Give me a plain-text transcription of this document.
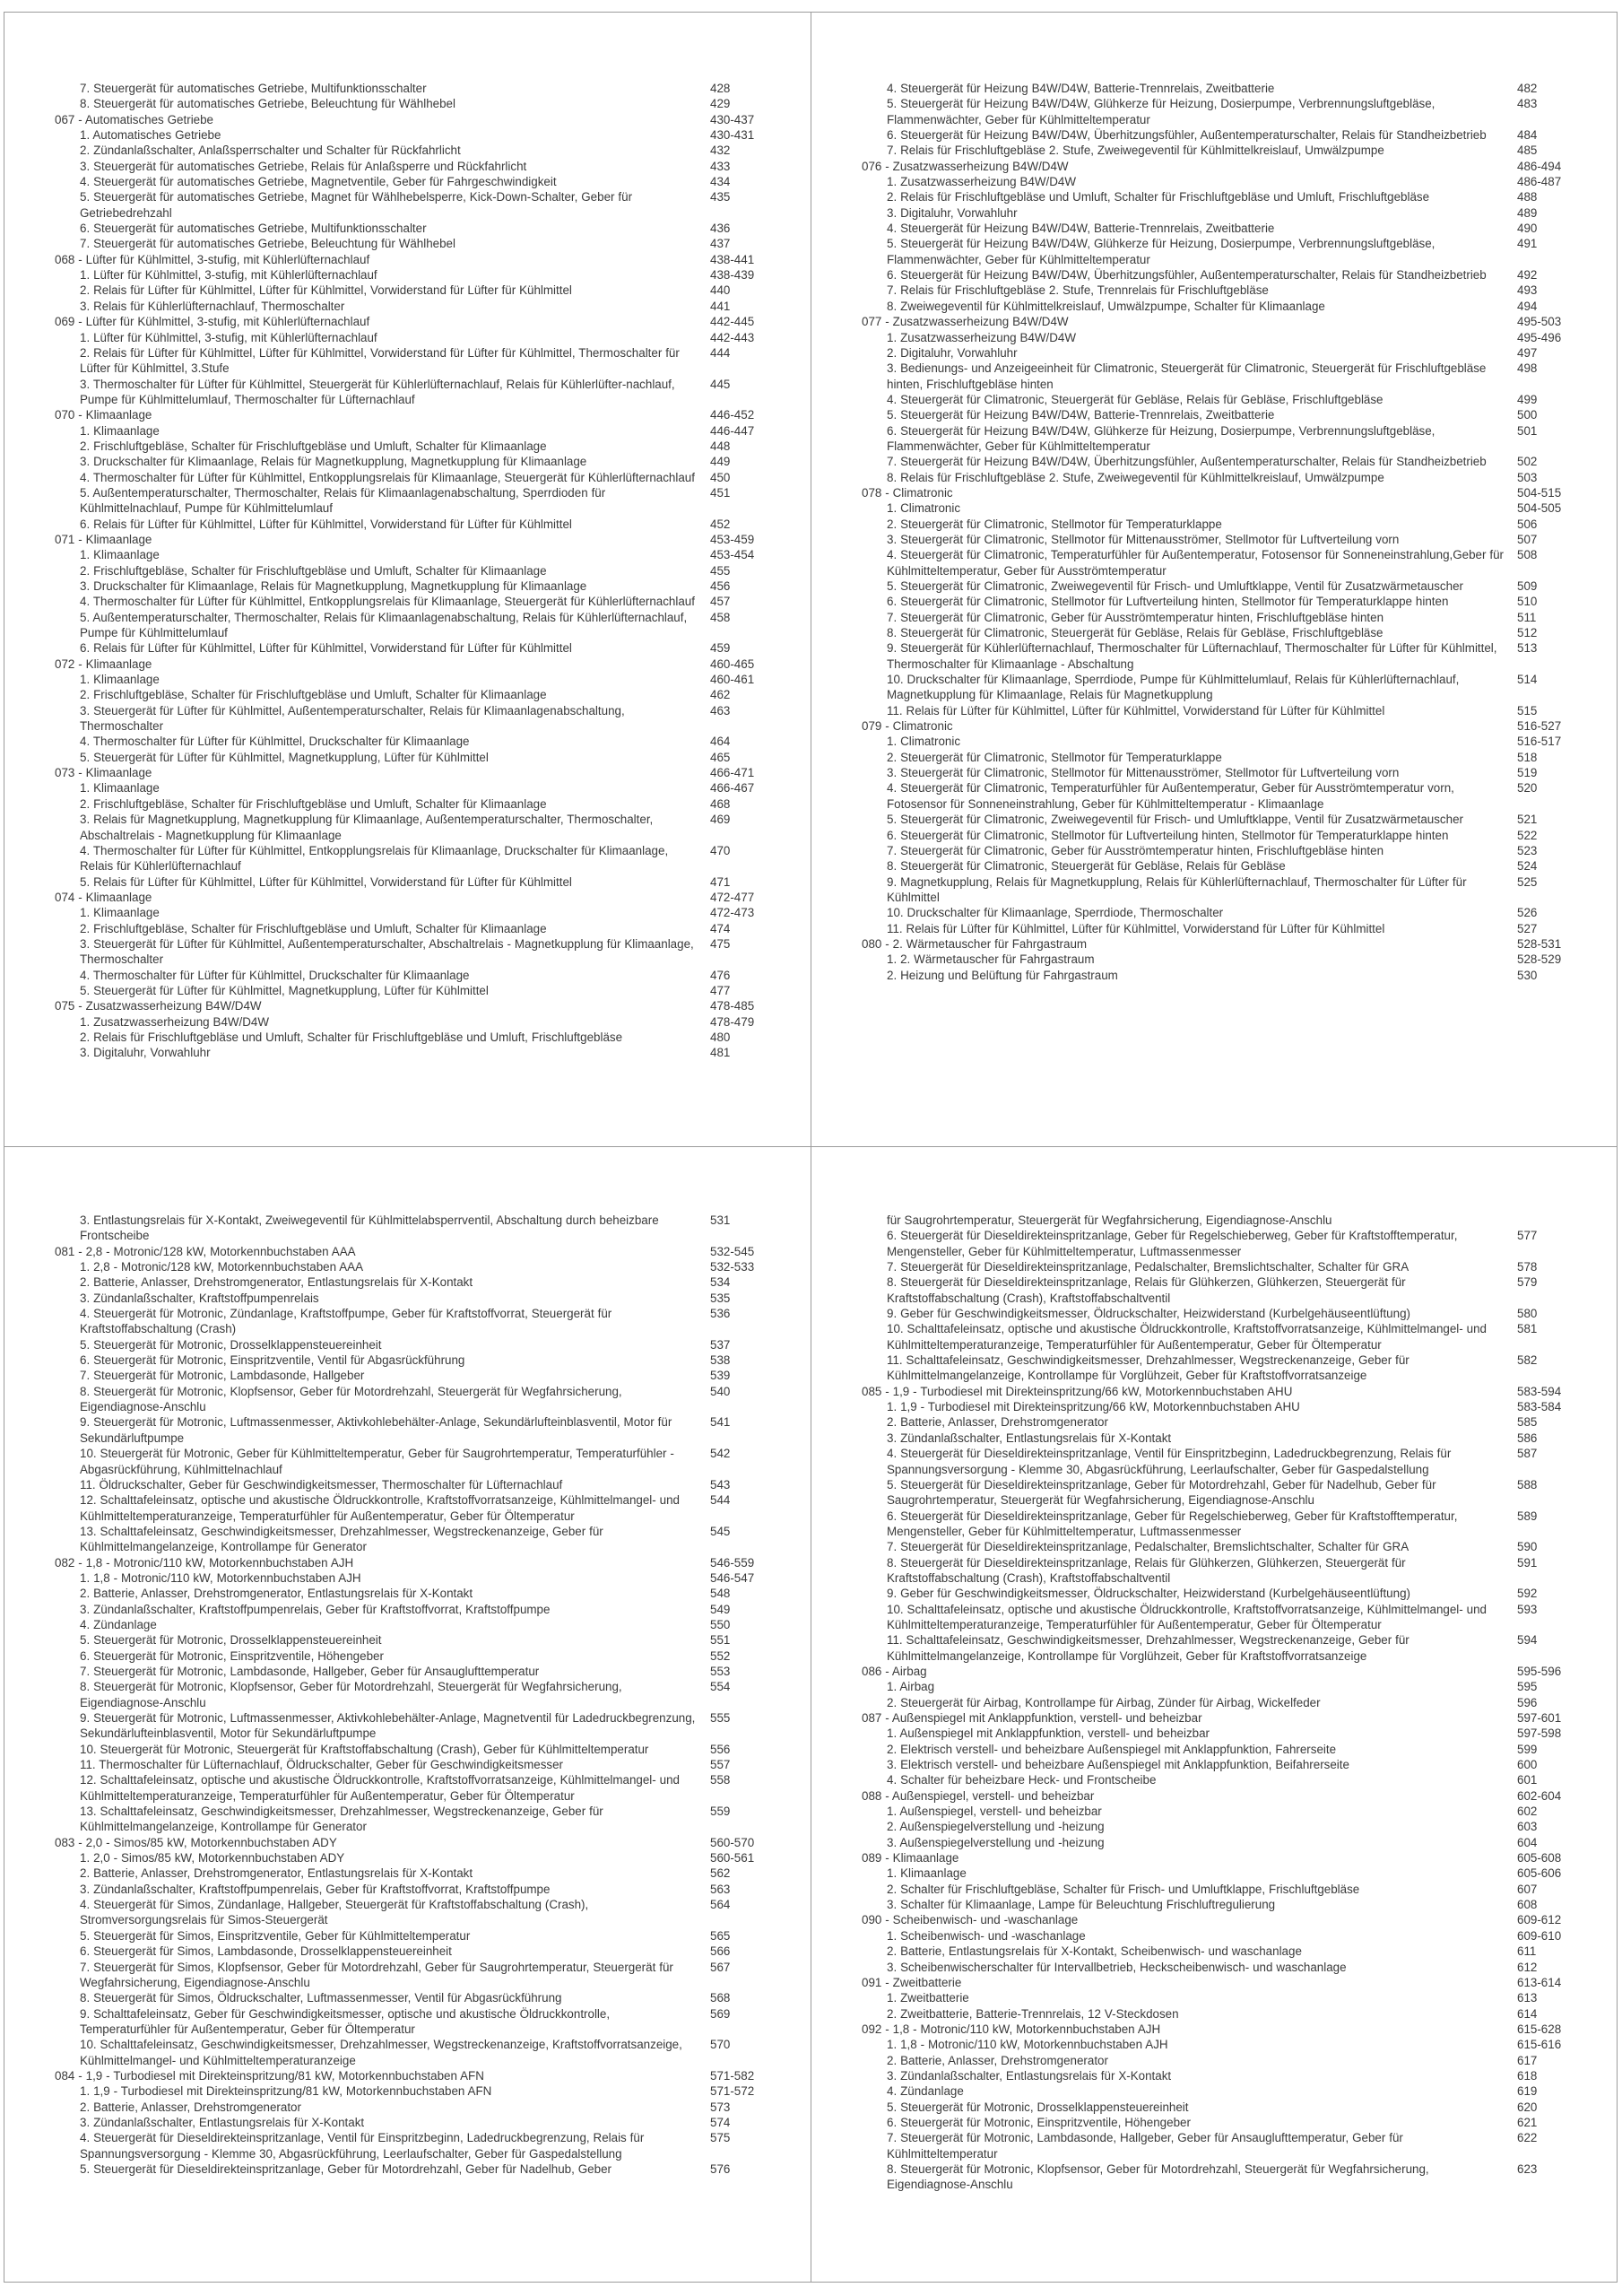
7. Steuergerät für automatisches Getriebe, Multifunktionsschalter	428
8. Steuergerät für automatisches Getriebe, Beleuchtung für Wählhebel	429
067 - Automatisches Getriebe	430-437
1. Automatisches Getriebe	430-431
2. Zündanlaßschalter, Anlaßsperrschalter und Schalter für Rückfahrlicht	432
3. Steuergerät für automatisches Getriebe, Relais für Anlaßsperre und Rückfahrlicht	433
4. Steuergerät für automatisches Getriebe, Magnetventile, Geber für Fahrgeschwindigkeit	434
5. Steuergerät für automatisches Getriebe, Magnet für Wählhebelsperre, Kick-Down-Schalter, Geber für Getriebedrehzahl
435
6. Steuergerät für automatisches Getriebe, Multifunktionsschalter	436
7. Steuergerät für automatisches Getriebe, Beleuchtung für Wählhebel	437
068 - Lüfter für Kühlmittel, 3-stufig, mit Kühlerlüfternachlauf	438-441
1. Lüfter für Kühlmittel, 3-stufig, mit Kühlerlüfternachlauf	438-439
2. Relais für Lüfter für Kühlmittel, Lüfter für Kühlmittel, Vorwiderstand für Lüfter für Kühlmittel	440
3. Relais für Kühlerlüfternachlauf, Thermoschalter	441
069 - Lüfter für Kühlmittel, 3-stufig, mit Kühlerlüfternachlauf	442-445
1. Lüfter für Kühlmittel, 3-stufig, mit Kühlerlüfternachlauf	442-443
2. Relais für Lüfter für Kühlmittel, Lüfter für Kühlmittel, Vorwiderstand für Lüfter für Kühlmittel, Thermoschalter für Lüfter für Kühlmittel, 3.Stufe
444
3. Thermoschalter für Lüfter für Kühlmittel, Steuergerät für Kühlerlüfternachlauf, Relais für Kühlerlüfter-nachlauf, Pumpe für Kühlmittelumlauf, Thermoschalter für Lüfternachlauf
445
070 - Klimaanlage	446-452
1. Klimaanlage	446-447
2. Frischluftgebläse, Schalter für Frischluftgebläse und Umluft, Schalter für Klimaanlage	448
3. Druckschalter für Klimaanlage, Relais für Magnetkupplung, Magnetkupplung für Klimaanlage	449
4. Thermoschalter für Lüfter für Kühlmittel, Entkopplungsrelais für Klimaanlage, Steuergerät für Kühlerlüfternachlauf 450
5. Außentemperaturschalter, Thermoschalter, Relais für Klimaanlagenabschaltung, Sperrdioden für Kühlmittelnachlauf, Pumpe für Kühlmittelumlauf
451
6. Relais für Lüfter für Kühlmittel, Lüfter für Kühlmittel, Vorwiderstand für Lüfter für Kühlmittel	452
071 - Klimaanlage	453-459
1. Klimaanlage	453-454
2. Frischluftgebläse, Schalter für Frischluftgebläse und Umluft, Schalter für Klimaanlage	455
3. Druckschalter für Klimaanlage, Relais für Magnetkupplung, Magnetkupplung für Klimaanlage	456
4. Thermoschalter für Lüfter für Kühlmittel, Entkopplungsrelais für Klimaanlage, Steuergerät für Kühlerlüfternachlauf 457
5. Außentemperaturschalter, Thermoschalter, Relais für Klimaanlagenabschaltung, Relais für Kühlerlüfternachlauf, Pumpe für Kühlmittelumlauf
458
6. Relais für Lüfter für Kühlmittel, Lüfter für Kühlmittel, Vorwiderstand für Lüfter für Kühlmittel	459
072 - Klimaanlage	460-465
1. Klimaanlage	460-461
2. Frischluftgebläse, Schalter für Frischluftgebläse und Umluft, Schalter für Klimaanlage	462
3. Steuergerät für Lüfter für Kühlmittel, Außentemperaturschalter, Relais für Klimaanlagenabschaltung, Thermoschalter
463
4. Thermoschalter für Lüfter für Kühlmittel, Druckschalter für Klimaanlage	464
5. Steuergerät für Lüfter für Kühlmittel, Magnetkupplung, Lüfter für Kühlmittel	465
073 - Klimaanlage	466-471
1. Klimaanlage	466-467
2. Frischluftgebläse, Schalter für Frischluftgebläse und Umluft, Schalter für Klimaanlage	468
3. Relais für Magnetkupplung, Magnetkupplung für Klimaanlage, Außentemperaturschalter, Thermoschalter, Abschaltrelais - Magnetkupplung für Klimaanlage
469
4. Thermoschalter für Lüfter für Kühlmittel, Entkopplungsrelais für Klimaanlage, Druckschalter für Klimaanlage, Relais für Kühlerlüfternachlauf
470
5. Relais für Lüfter für Kühlmittel, Lüfter für Kühlmittel, Vorwiderstand für Lüfter für Kühlmittel	471
074 - Klimaanlage	472-477
1. Klimaanlage	472-473
2. Frischluftgebläse, Schalter für Frischluftgebläse und Umluft, Schalter für Klimaanlage	474
3. Steuergerät für Lüfter für Kühlmittel, Außentemperaturschalter, Abschaltrelais - Magnetkupplung für Klimaanlage, Thermoschalter
475
4. Thermoschalter für Lüfter für Kühlmittel, Druckschalter für Klimaanlage	476
5. Steuergerät für Lüfter für Kühlmittel, Magnetkupplung, Lüfter für Kühlmittel	477
075 - Zusatzwasserheizung B4W/D4W	478-485
1. Zusatzwasserheizung B4W/D4W	478-479
2. Relais für Frischluftgebläse und Umluft, Schalter für Frischluftgebläse und Umluft, Frischluftgebläse	480
3. Digitaluhr, Vorwahluhr	481
4. Steuergerät für Heizung B4W/D4W, Batterie-Trennrelais, Zweitbatterie	482
5. Steuergerät für Heizung B4W/D4W, Glühkerze für Heizung, Dosierpumpe, Verbrennungsluftgebläse, Flammenwächter, Geber für Kühlmitteltemperatur
483
6. Steuergerät für Heizung B4W/D4W, Überhitzungsfühler, Außentemperaturschalter, Relais für Standheizbetrieb	484
7. Relais für Frischluftgebläse 2. Stufe, Zweiwegeventil für Kühlmittelkreislauf, Umwälzpumpe	485
076 - Zusatzwasserheizung B4W/D4W	486-494
1. Zusatzwasserheizung B4W/D4W	486-487
2. Relais für Frischluftgebläse und Umluft, Schalter für Frischluftgebläse und Umluft, Frischluftgebläse	488
3. Digitaluhr, Vorwahluhr	489
4. Steuergerät für Heizung B4W/D4W, Batterie-Trennrelais, Zweitbatterie	490
5. Steuergerät für Heizung B4W/D4W, Glühkerze für Heizung, Dosierpumpe, Verbrennungsluftgebläse, Flammenwächter, Geber für Kühlmitteltemperatur
491
6. Steuergerät für Heizung B4W/D4W, Überhitzungsfühler, Außentemperaturschalter, Relais für Standheizbetrieb	492
7. Relais für Frischluftgebläse 2. Stufe, Trennrelais für Frischluftgebläse	493
8. Zweiwegeventil für Kühlmittelkreislauf, Umwälzpumpe, Schalter für Klimaanlage	494
077 - Zusatzwasserheizung B4W/D4W	495-503
1. Zusatzwasserheizung B4W/D4W	495-496
2. Digitaluhr, Vorwahluhr	497
3. Bedienungs- und Anzeigeeinheit für Climatronic, Steuergerät für Climatronic, Steuergerät für Frischluftgebläse hinten, Frischluftgebläse hinten
498
4. Steuergerät für Climatronic, Steuergerät für Gebläse, Relais für Gebläse, Frischluftgebläse	499
5. Steuergerät für Heizung B4W/D4W, Batterie-Trennrelais, Zweitbatterie	500
6. Steuergerät für Heizung B4W/D4W, Glühkerze für Heizung, Dosierpumpe, Verbrennungsluftgebläse, Flammenwächter, Geber für Kühlmitteltemperatur
501
7. Steuergerät für Heizung B4W/D4W, Überhitzungsfühler, Außentemperaturschalter, Relais für Standheizbetrieb	502
8. Relais für Frischluftgebläse 2. Stufe, Zweiwegeventil für Kühlmittelkreislauf, Umwälzpumpe	503
078 - Climatronic	504-515
1. Climatronic	504-505
2. Steuergerät für Climatronic, Stellmotor für Temperaturklappe	506
3. Steuergerät für Climatronic, Stellmotor für Mittenausströmer, Stellmotor für Luftverteilung vorn	507
4. Steuergerät für Climatronic, Temperaturfühler für Außentemperatur, Fotosensor für Sonneneinstrahlung,Geber für Kühlmitteltemperatur, Geber für Ausströmtemperatur
508
5. Steuergerät für Climatronic, Zweiwegeventil für Frisch- und Umluftklappe, Ventil für Zusatzwärmetauscher	509
6. Steuergerät für Climatronic, Stellmotor für Luftverteilung hinten, Stellmotor für Temperaturklappe hinten	510
7. Steuergerät für Climatronic, Geber für Ausströmtemperatur hinten, Frischluftgebläse hinten	511
8. Steuergerät für Climatronic, Steuergerät für Gebläse, Relais für Gebläse, Frischluftgebläse	512
9. Steuergerät für Kühlerlüfternachlauf, Thermoschalter für Lüfternachlauf, Thermoschalter für Lüfter für Kühlmittel, Thermoschalter für Klimaanlage - Abschaltung
513
10. Druckschalter für Klimaanlage, Sperrdiode, Pumpe für Kühlmittelumlauf, Relais für Kühlerlüfternachlauf, Magnetkupplung für Klimaanlage, Relais für Magnetkupplung
514
11. Relais für Lüfter für Kühlmittel, Lüfter für Kühlmittel, Vorwiderstand für Lüfter für Kühlmittel	515
079 - Climatronic	516-527
1. Climatronic	516-517
2. Steuergerät für Climatronic, Stellmotor für Temperaturklappe	518
3. Steuergerät für Climatronic, Stellmotor für Mittenausströmer, Stellmotor für Luftverteilung vorn	519
4. Steuergerät für Climatronic, Temperaturfühler für Außentemperatur, Geber für Ausströmtemperatur vorn, Fotosensor für Sonneneinstrahlung, Geber für Kühlmitteltemperatur - Klimaanlage
520
5. Steuergerät für Climatronic, Zweiwegeventil für Frisch- und Umluftklappe, Ventil für Zusatzwärmetauscher	521
6. Steuergerät für Climatronic, Stellmotor für Luftverteilung hinten, Stellmotor für Temperaturklappe hinten	522
7. Steuergerät für Climatronic, Geber für Ausströmtemperatur hinten, Frischluftgebläse hinten	523
8. Steuergerät für Climatronic, Steuergerät für Gebläse, Relais für Gebläse	524
9. Magnetkupplung, Relais für Magnetkupplung, Relais für Kühlerlüfternachlauf, Thermoschalter für Lüfter für Kühlmittel
525
10. Druckschalter für Klimaanlage, Sperrdiode, Thermoschalter	526
11. Relais für Lüfter für Kühlmittel, Lüfter für Kühlmittel, Vorwiderstand für Lüfter für Kühlmittel	527
080 - 2. Wärmetauscher für Fahrgastraum	528-531
1. 2. Wärmetauscher für Fahrgastraum	528-529
2. Heizung und Belüftung für Fahrgastraum	530
3. Entlastungsrelais für X-Kontakt, Zweiwegeventil für Kühlmittelabsperrventil, Abschaltung durch beheizbare Frontscheibe
531
081 - 2,8 - Motronic/128 kW, Motorkennbuchstaben AAA	532-545
1. 2,8 - Motronic/128 kW, Motorkennbuchstaben AAA	532-533
2. Batterie, Anlasser, Drehstromgenerator, Entlastungsrelais für X-Kontakt	534
3. Zündanlaßschalter, Kraftstoffpumpenrelais	535
4. Steuergerät für Motronic, Zündanlage, Kraftstoffpumpe, Geber für Kraftstoffvorrat, Steuergerät für Kraftstoffabschaltung (Crash)
536
5. Steuergerät für Motronic, Drosselklappensteuereinheit	537
6. Steuergerät für Motronic, Einspritzventile, Ventil für Abgasrückführung	538
7. Steuergerät für Motronic, Lambdasonde, Hallgeber	539
8. Steuergerät für Motronic, Klopfsensor, Geber für Motordrehzahl, Steuergerät für Wegfahrsicherung, Eigendiagnose-Anschlu
540
9. Steuergerät für Motronic, Luftmassenmesser, Aktivkohlebehälter-Anlage, Sekundärlufteinblasventil, Motor für Sekundärluftpumpe
541
10. Steuergerät für Motronic, Geber für Kühlmitteltemperatur, Geber für Saugrohrtemperatur, Temperaturfühler - Abgasrückführung, Kühlmittelnachlauf
542
11. Öldruckschalter, Geber für Geschwindigkeitsmesser, Thermoschalter für Lüfternachlauf	543
12. Schalttafeleinsatz, optische und akustische Öldruckkontrolle, Kraftstoffvorratsanzeige, Kühlmittelmangel- und Kühlmitteltemperaturanzeige, Temperaturfühler für Außentemperatur, Geber für Öltemperatur
544
13. Schalttafeleinsatz, Geschwindigkeitsmesser, Drehzahlmesser, Wegstreckenanzeige, Geber für Kühlmittelmangelanzeige, Kontrollampe für Generator
545
082 - 1,8 - Motronic/110 kW, Motorkennbuchstaben AJH	546-559
1. 1,8 - Motronic/110 kW, Motorkennbuchstaben AJH	546-547
2. Batterie, Anlasser, Drehstromgenerator, Entlastungsrelais für X-Kontakt	548
3. Zündanlaßschalter, Kraftstoffpumpenrelais, Geber für Kraftstoffvorrat, Kraftstoffpumpe	549
4. Zündanlage	550
5. Steuergerät für Motronic, Drosselklappensteuereinheit	551
6. Steuergerät für Motronic, Einspritzventile, Höhengeber	552
7. Steuergerät für Motronic, Lambdasonde, Hallgeber, Geber für Ansauglufttemperatur	553
8. Steuergerät für Motronic, Klopfsensor, Geber für Motordrehzahl, Steuergerät für Wegfahrsicherung, Eigendiagnose-Anschlu
554
9. Steuergerät für Motronic, Luftmassenmesser, Aktivkohlebehälter-Anlage, Magnetventil für Ladedruckbegrenzung, Sekundärlufteinblasventil, Motor für Sekundärluftpumpe
555
10. Steuergerät für Motronic, Steuergerät für Kraftstoffabschaltung (Crash), Geber für Kühlmitteltemperatur	556
11. Thermoschalter für Lüfternachlauf, Öldruckschalter, Geber für Geschwindigkeitsmesser	557
12. Schalttafeleinsatz, optische und akustische Öldruckkontrolle, Kraftstoffvorratsanzeige, Kühlmittelmangel- und Kühlmitteltemperaturanzeige, Temperaturfühler für Außentemperatur, Geber für Öltemperatur
558
13. Schalttafeleinsatz, Geschwindigkeitsmesser, Drehzahlmesser, Wegstreckenanzeige, Geber für Kühlmittelmangelanzeige, Kontrollampe für Generator
559
083 - 2,0 - Simos/85 kW, Motorkennbuchstaben ADY	560-570
1. 2,0 - Simos/85 kW, Motorkennbuchstaben ADY	560-561
2. Batterie, Anlasser, Drehstromgenerator, Entlastungsrelais für X-Kontakt	562
3. Zündanlaßschalter, Kraftstoffpumpenrelais, Geber für Kraftstoffvorrat, Kraftstoffpumpe	563
4. Steuergerät für Simos, Zündanlage, Hallgeber, Steuergerät für Kraftstoffabschaltung (Crash), Stromversorgungsrelais für Simos-Steuergerät
564
5. Steuergerät für Simos, Einspritzventile, Geber für Kühlmitteltemperatur	565
6. Steuergerät für Simos, Lambdasonde, Drosselklappensteuereinheit	566
7. Steuergerät für Simos, Klopfsensor, Geber für Motordrehzahl, Geber für Saugrohrtemperatur, Steuergerät für Wegfahrsicherung, Eigendiagnose-Anschlu
567
8. Steuergerät für Simos, Öldruckschalter, Luftmassenmesser, Ventil für Abgasrückführung	568
9. Schalttafeleinsatz, Geber für Geschwindigkeitsmesser, optische und akustische Öldruckkontrolle, Temperaturfühler für Außentemperatur, Geber für Öltemperatur
569
10. Schalttafeleinsatz, Geschwindigkeitsmesser, Drehzahlmesser, Wegstreckenanzeige, Kraftstoffvorratsanzeige, Kühlmittelmangel- und Kühlmitteltemperaturanzeige
570
084 - 1,9 - Turbodiesel mit Direkteinspritzung/81 kW, Motorkennbuchstaben AFN	571-582
1. 1,9 - Turbodiesel mit Direkteinspritzung/81 kW, Motorkennbuchstaben AFN	571-572
2. Batterie, Anlasser, Drehstromgenerator	573
3. Zündanlaßschalter, Entlastungsrelais für X-Kontakt	574
4. Steuergerät für Dieseldirekteinspritzanlage, Ventil für Einspritzbeginn, Ladedruckbegrenzung, Relais für Spannungsversorgung - Klemme 30, Abgasrückführung, Leerlaufschalter, Geber für Gaspedalstellung
575
5. Steuergerät für Dieseldirekteinspritzanlage, Geber für Motordrehzahl, Geber für Nadelhub, Geber	576
für Saugrohrtemperatur, Steuergerät für Wegfahrsicherung, Eigendiagnose-Anschlu
6. Steuergerät für Dieseldirekteinspritzanlage, Geber für Regelschieberweg, Geber für Kraftstofftemperatur, Mengensteller, Geber für Kühlmitteltemperatur, Luftmassenmesser
577
7. Steuergerät für Dieseldirekteinspritzanlage, Pedalschalter, Bremslichtschalter, Schalter für GRA	578
8. Steuergerät für Dieseldirekteinspritzanlage, Relais für Glühkerzen, Glühkerzen, Steuergerät für Kraftstoffabschaltung (Crash), Kraftstoffabschaltventil
579
9. Geber für Geschwindigkeitsmesser, Öldruckschalter, Heizwiderstand (Kurbelgehäuseentlüftung)	580
10. Schalttafeleinsatz, optische und akustische Öldruckkontrolle, Kraftstoffvorratsanzeige, Kühlmittelmangel- und Kühlmitteltemperaturanzeige, Temperaturfühler für Außentemperatur, Geber für Öltemperatur
581
11. Schalttafeleinsatz, Geschwindigkeitsmesser, Drehzahlmesser, Wegstreckenanzeige, Geber für Kühlmittelmangelanzeige, Kontrollampe für Vorglühzeit, Geber für Kraftstoffvorratsanzeige
582
085 - 1,9 - Turbodiesel mit Direkteinspritzung/66 kW, Motorkennbuchstaben AHU	583-594
1. 1,9 - Turbodiesel mit Direkteinspritzung/66 kW, Motorkennbuchstaben AHU	583-584
2. Batterie, Anlasser, Drehstromgenerator	585
3. Zündanlaßschalter, Entlastungsrelais für X-Kontakt	586
4. Steuergerät für Dieseldirekteinspritzanlage, Ventil für Einspritzbeginn, Ladedruckbegrenzung, Relais für Spannungsversorgung - Klemme 30, Abgasrückführung, Leerlaufschalter, Geber für Gaspedalstellung
587
5. Steuergerät für Dieseldirekteinspritzanlage, Geber für Motordrehzahl, Geber für Nadelhub, Geber für Saugrohrtemperatur, Steuergerät für Wegfahrsicherung, Eigendiagnose-Anschlu
588
6. Steuergerät für Dieseldirekteinspritzanlage, Geber für Regelschieberweg, Geber für Kraftstofftemperatur, Mengensteller, Geber für Kühlmitteltemperatur, Luftmassenmesser
589
7. Steuergerät für Dieseldirekteinspritzanlage, Pedalschalter, Bremslichtschalter, Schalter für GRA	590
8. Steuergerät für Dieseldirekteinspritzanlage, Relais für Glühkerzen, Glühkerzen, Steuergerät für Kraftstoffabschaltung (Crash), Kraftstoffabschaltventil
591
9. Geber für Geschwindigkeitsmesser, Öldruckschalter, Heizwiderstand (Kurbelgehäuseentlüftung)	592
10. Schalttafeleinsatz, optische und akustische Öldruckkontrolle, Kraftstoffvorratsanzeige, Kühlmittelmangel- und Kühlmitteltemperaturanzeige, Temperaturfühler für Außentemperatur, Geber für Öltemperatur
593
11. Schalttafeleinsatz, Geschwindigkeitsmesser, Drehzahlmesser, Wegstreckenanzeige, Geber für Kühlmittelmangelanzeige, Kontrollampe für Vorglühzeit, Geber für Kraftstoffvorratsanzeige
594
086 - Airbag	595-596
1. Airbag	595
2. Steuergerät für Airbag, Kontrollampe für Airbag, Zünder für Airbag, Wickelfeder	596
087 - Außenspiegel mit Anklappfunktion, verstell- und beheizbar	597-601
1. Außenspiegel mit Anklappfunktion, verstell- und beheizbar	597-598
2. Elektrisch verstell- und beheizbare Außenspiegel mit Anklappfunktion, Fahrerseite	599
3. Elektrisch verstell- und beheizbare Außenspiegel mit Anklappfunktion, Beifahrerseite	600
4. Schalter für beheizbare Heck- und Frontscheibe	601
088 - Außenspiegel, verstell- und beheizbar	602-604
1. Außenspiegel, verstell- und beheizbar	602
2. Außenspiegelverstellung und -heizung	603
3. Außenspiegelverstellung und -heizung	604
089 - Klimaanlage	605-608
1. Klimaanlage	605-606
2. Schalter für Frischluftgebläse, Schalter für Frisch- und Umluftklappe, Frischluftgebläse	607
3. Schalter für Klimaanlage, Lampe für Beleuchtung Frischluftregulierung	608
090 - Scheibenwisch- und -waschanlage	609-612
1. Scheibenwisch- und -waschanlage	609-610
2. Batterie, Entlastungsrelais für X-Kontakt, Scheibenwisch- und waschanlage	611
3. Scheibenwischerschalter für Intervallbetrieb, Heckscheibenwisch- und waschanlage	612
091 - Zweitbatterie	613-614
1. Zweitbatterie	613
2. Zweitbatterie, Batterie-Trennrelais, 12 V-Steckdosen	614
092 - 1,8 - Motronic/110 kW, Motorkennbuchstaben AJH	615-628
1. 1,8 - Motronic/110 kW, Motorkennbuchstaben AJH	615-616
2. Batterie, Anlasser, Drehstromgenerator	617
3. Zündanlaßschalter, Entlastungsrelais für X-Kontakt	618
4. Zündanlage	619
5. Steuergerät für Motronic, Drosselklappensteuereinheit	620
6. Steuergerät für Motronic, Einspritzventile, Höhengeber	621
7. Steuergerät für Motronic, Lambdasonde, Hallgeber, Geber für Ansauglufttemperatur, Geber für Kühlmitteltemperatur
622
8. Steuergerät für Motronic, Klopfsensor, Geber für Motordrehzahl, Steuergerät für Wegfahrsicherung, Eigendiagnose-Anschlu
623
